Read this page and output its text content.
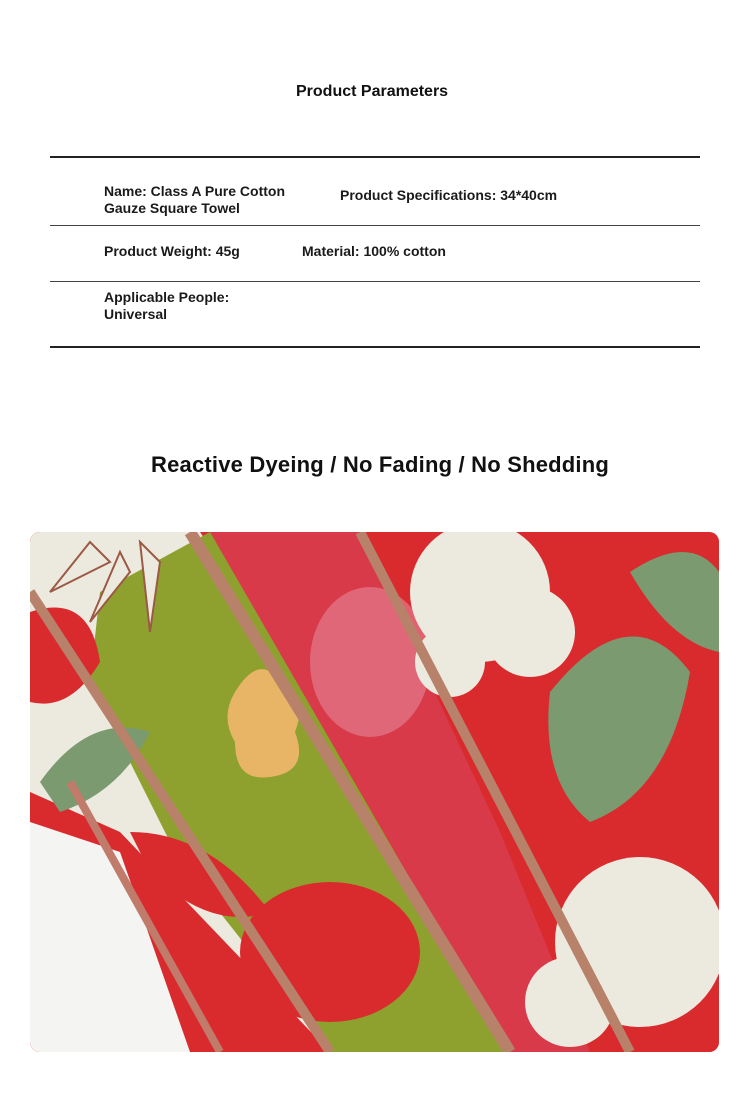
Product Parameters
Name: Class A Pure Cotton Gauze Square Towel
Product Specifications: 34*40cm
Product Weight: 45g	Material: 100% cotton
Applicable People: Universal
Reactive Dyeing / No Fading / No Shedding
